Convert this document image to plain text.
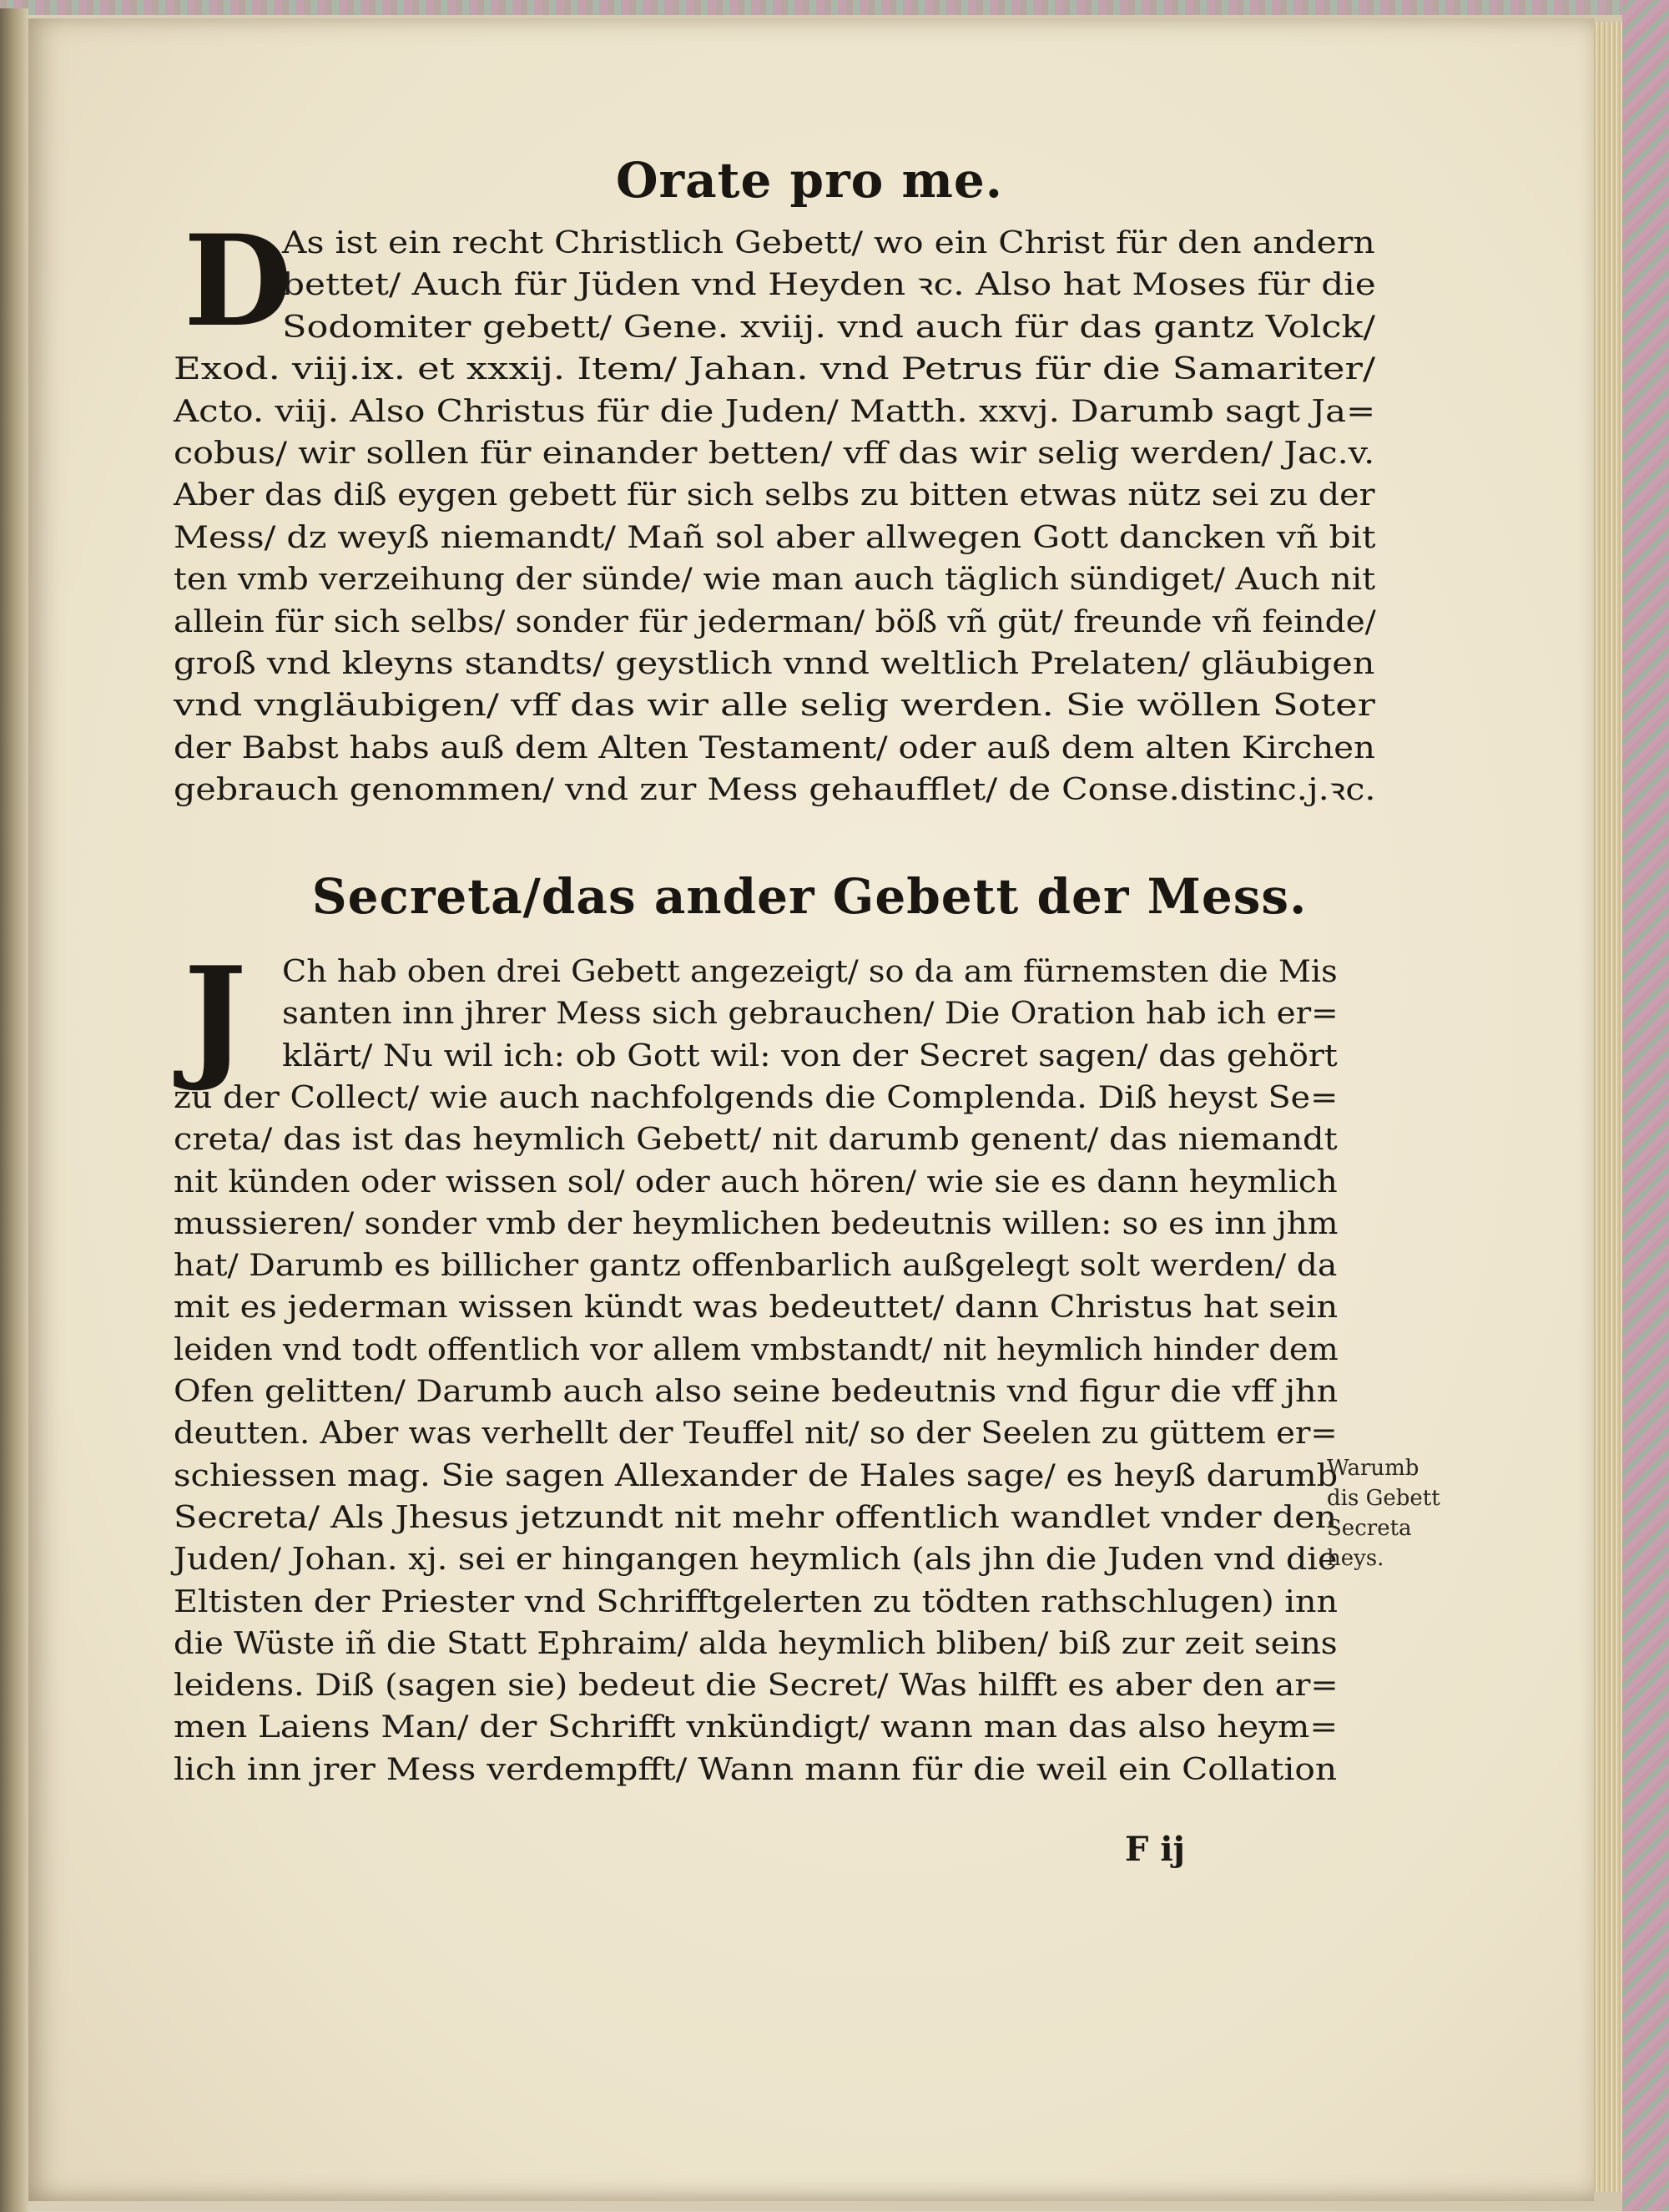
Orate pro me.
D
As ist ein recht Christlich Gebett/ wo ein Christ für den andern
bettet/ Auch für Jüden vnd Heyden ꝛc. Also hat Moses für die
Sodomiter gebett/ Gene. xviij. vnd auch für das gantz Volck/
Exod. viij.ix. et xxxij. Item/ Jahan. vnd Petrus für die Samariter/
Acto. viij. Also Christus für die Juden/ Matth. xxvj. Darumb sagt Ja=
cobus/ wir sollen für einander betten/ vff das wir selig werden/ Jac.v.
Aber das diß eygen gebett für sich selbs zu bitten etwas nütz sei zu der
Mess/ dz weyß niemandt/ Mañ sol aber allwegen Gott dancken vñ bit
ten vmb verzeihung der sünde/ wie man auch täglich sündiget/ Auch nit
allein für sich selbs/ sonder für jederman/ böß vñ güt/ freunde vñ feinde/
groß vnd kleyns standts/ geystlich vnnd weltlich Prelaten/ gläubigen
vnd vngläubigen/ vff das wir alle selig werden. Sie wöllen Soter
der Babst habs auß dem Alten Testament/ oder auß dem alten Kirchen
gebrauch genommen/ vnd zur Mess gehaufflet/ de Conse.distinc.j.ꝛc.
Secreta/das ander Gebett der Mess.
J Ch hab oben drei Gebett angezeigt/ so da am fürnemsten die Mis
santen inn jhrer Mess sich gebrauchen/ Die Oration hab ich er=
klärt/ Nu wil ich: ob Gott wil: von der Secret sagen/ das gehört
zu der Collect/ wie auch nachfolgends die Complenda. Diß heyst Se=
creta/ das ist das heymlich Gebett/ nit darumb genent/ das niemandt
nit künden oder wissen sol/ oder auch hören/ wie sie es dann heymlich
mussieren/ sonder vmb der heymlichen bedeutnis willen: so es inn jhm
hat/ Darumb es billicher gantz offenbarlich außgelegt solt werden/ da
mit es jederman wissen kündt was bedeuttet/ dann Christus hat sein
leiden vnd todt offentlich vor allem vmbstandt/ nit heymlich hinder dem
Ofen gelitten/ Darumb auch also seine bedeutnis vnd figur die vff jhn
deutten. Aber was verhellt der Teuffel nit/ so der Seelen zu güttem er=
schiessen mag. Sie sagen Allexander de Hales sage/ es heyß darumb
Secreta/ Als Jhesus jetzundt nit mehr offentlich wandlet vnder den
Juden/ Johan. xj. sei er hingangen heymlich (als jhn die Juden vnd die
Eltisten der Priester vnd Schrifftgelerten zu tödten rathschlugen) inn
die Wüste iñ die Statt Ephraim/ alda heymlich bliben/ biß zur zeit seins
leidens. Diß (sagen sie) bedeut die Secret/ Was hilfft es aber den ar=
men Laiens Man/ der Schrifft vnkündigt/ wann man das also heym=
lich inn jrer Mess verdempfft/ Wann mann für die weil ein Collation
Warumb
dis Gebett
Secreta
heys.
F ij
